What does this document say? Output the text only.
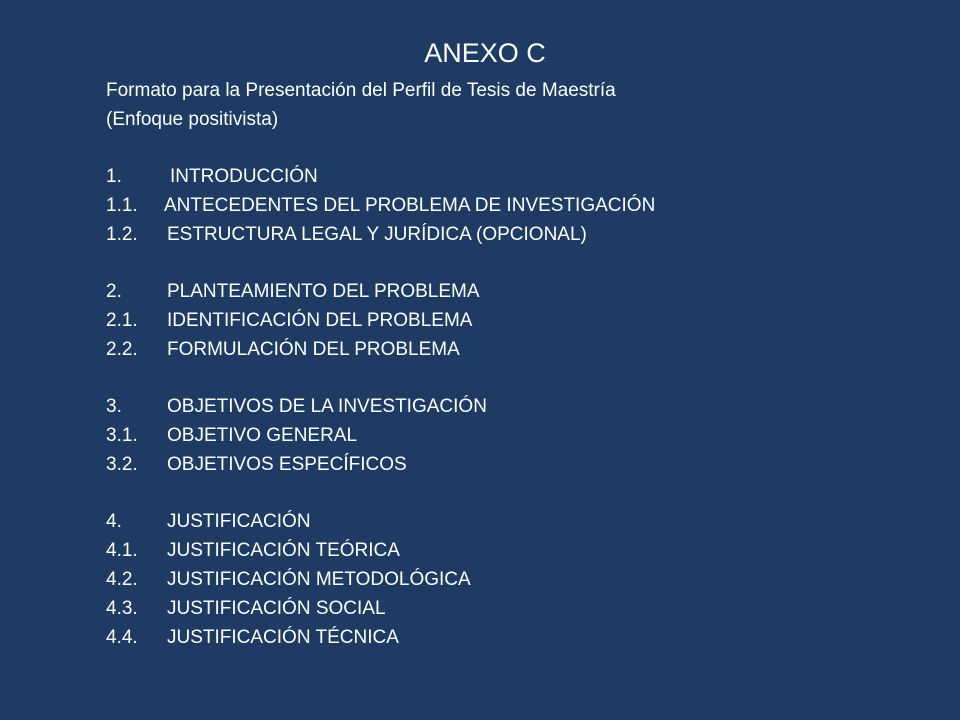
ANEXO C
Formato para la Presentación del Perfil de Tesis de Maestría
(Enfoque positivista)
1.	INTRODUCCIÓN
1.1.	ANTECEDENTES DEL PROBLEMA DE INVESTIGACIÓN
1.2.	ESTRUCTURA LEGAL Y JURÍDICA (OPCIONAL)
2.	PLANTEAMIENTO DEL PROBLEMA
2.1.	IDENTIFICACIÓN DEL PROBLEMA
2.2.	FORMULACIÓN DEL PROBLEMA
3.	OBJETIVOS DE LA INVESTIGACIÓN
3.1.	OBJETIVO GENERAL
3.2.	OBJETIVOS ESPECÍFICOS
4.	JUSTIFICACIÓN
4.1.	JUSTIFICACIÓN TEÓRICA
4.2.	JUSTIFICACIÓN METODOLÓGICA
4.3.	JUSTIFICACIÓN SOCIAL
4.4.	JUSTIFICACIÓN TÉCNICA
